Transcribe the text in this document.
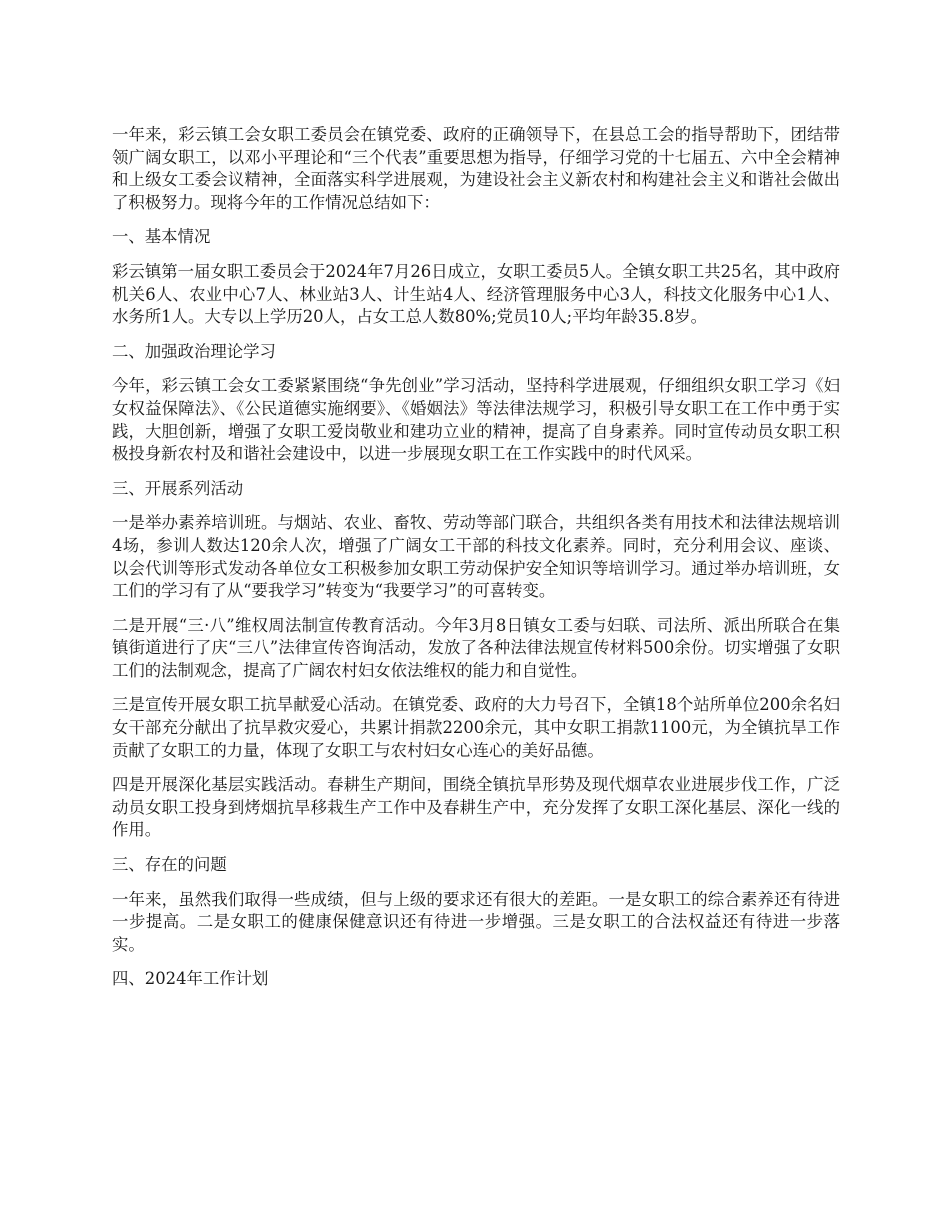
一年来，彩云镇工会女职工委员会在镇党委、政府的正确领导下，在县总工会的指导帮助下，团结带领广阔女职工，以邓小平理论和“三个代表”重要思想为指导，仔细学习党的十七届五、六中全会精神和上级女工委会议精神，全面落实科学进展观，为建设社会主义新农村和构建社会主义和谐社会做出了积极努力。现将今年的工作情况总结如下：

一、基本情况

彩云镇第一届女职工委员会于2024年7月26日成立，女职工委员5人。全镇女职工共25名，其中政府机关6人、农业中心7人、林业站3人、计生站4人、经济管理服务中心3人，科技文化服务中心1人、水务所1人。大专以上学历20人，占女工总人数80%;党员10人;平均年龄35.8岁。

二、加强政治理论学习

今年，彩云镇工会女工委紧紧围绕“争先创业”学习活动，坚持科学进展观，仔细组织女职工学习《妇女权益保障法》、《公民道德实施纲要》、《婚姻法》等法律法规学习，积极引导女职工在工作中勇于实践，大胆创新，增强了女职工爱岗敬业和建功立业的精神，提高了自身素养。同时宣传动员女职工积极投身新农村及和谐社会建设中，以进一步展现女职工在工作实践中的时代风采。

三、开展系列活动

一是举办素养培训班。与烟站、农业、畜牧、劳动等部门联合，共组织各类有用技术和法律法规培训4场，参训人数达120余人次，增强了广阔女工干部的科技文化素养。同时，充分利用会议、座谈、以会代训等形式发动各单位女工积极参加女职工劳动保护安全知识等培训学习。通过举办培训班，女工们的学习有了从“要我学习”转变为“我要学习”的可喜转变。

二是开展“三·八”维权周法制宣传教育活动。今年3月8日镇女工委与妇联、司法所、派出所联合在集镇街道进行了庆“三八”法律宣传咨询活动，发放了各种法律法规宣传材料500余份。切实增强了女职工们的法制观念，提高了广阔农村妇女依法维权的能力和自觉性。

三是宣传开展女职工抗旱献爱心活动。在镇党委、政府的大力号召下，全镇18个站所单位200余名妇女干部充分献出了抗旱救灾爱心，共累计捐款2200余元，其中女职工捐款1100元，为全镇抗旱工作贡献了女职工的力量，体现了女职工与农村妇女心连心的美好品德。

四是开展深化基层实践活动。春耕生产期间，围绕全镇抗旱形势及现代烟草农业进展步伐工作，广泛动员女职工投身到烤烟抗旱移栽生产工作中及春耕生产中，充分发挥了女职工深化基层、深化一线的作用。

三、存在的问题

一年来，虽然我们取得一些成绩，但与上级的要求还有很大的差距。一是女职工的综合素养还有待进一步提高。二是女职工的健康保健意识还有待进一步增强。三是女职工的合法权益还有待进一步落实。

四、2024年工作计划
